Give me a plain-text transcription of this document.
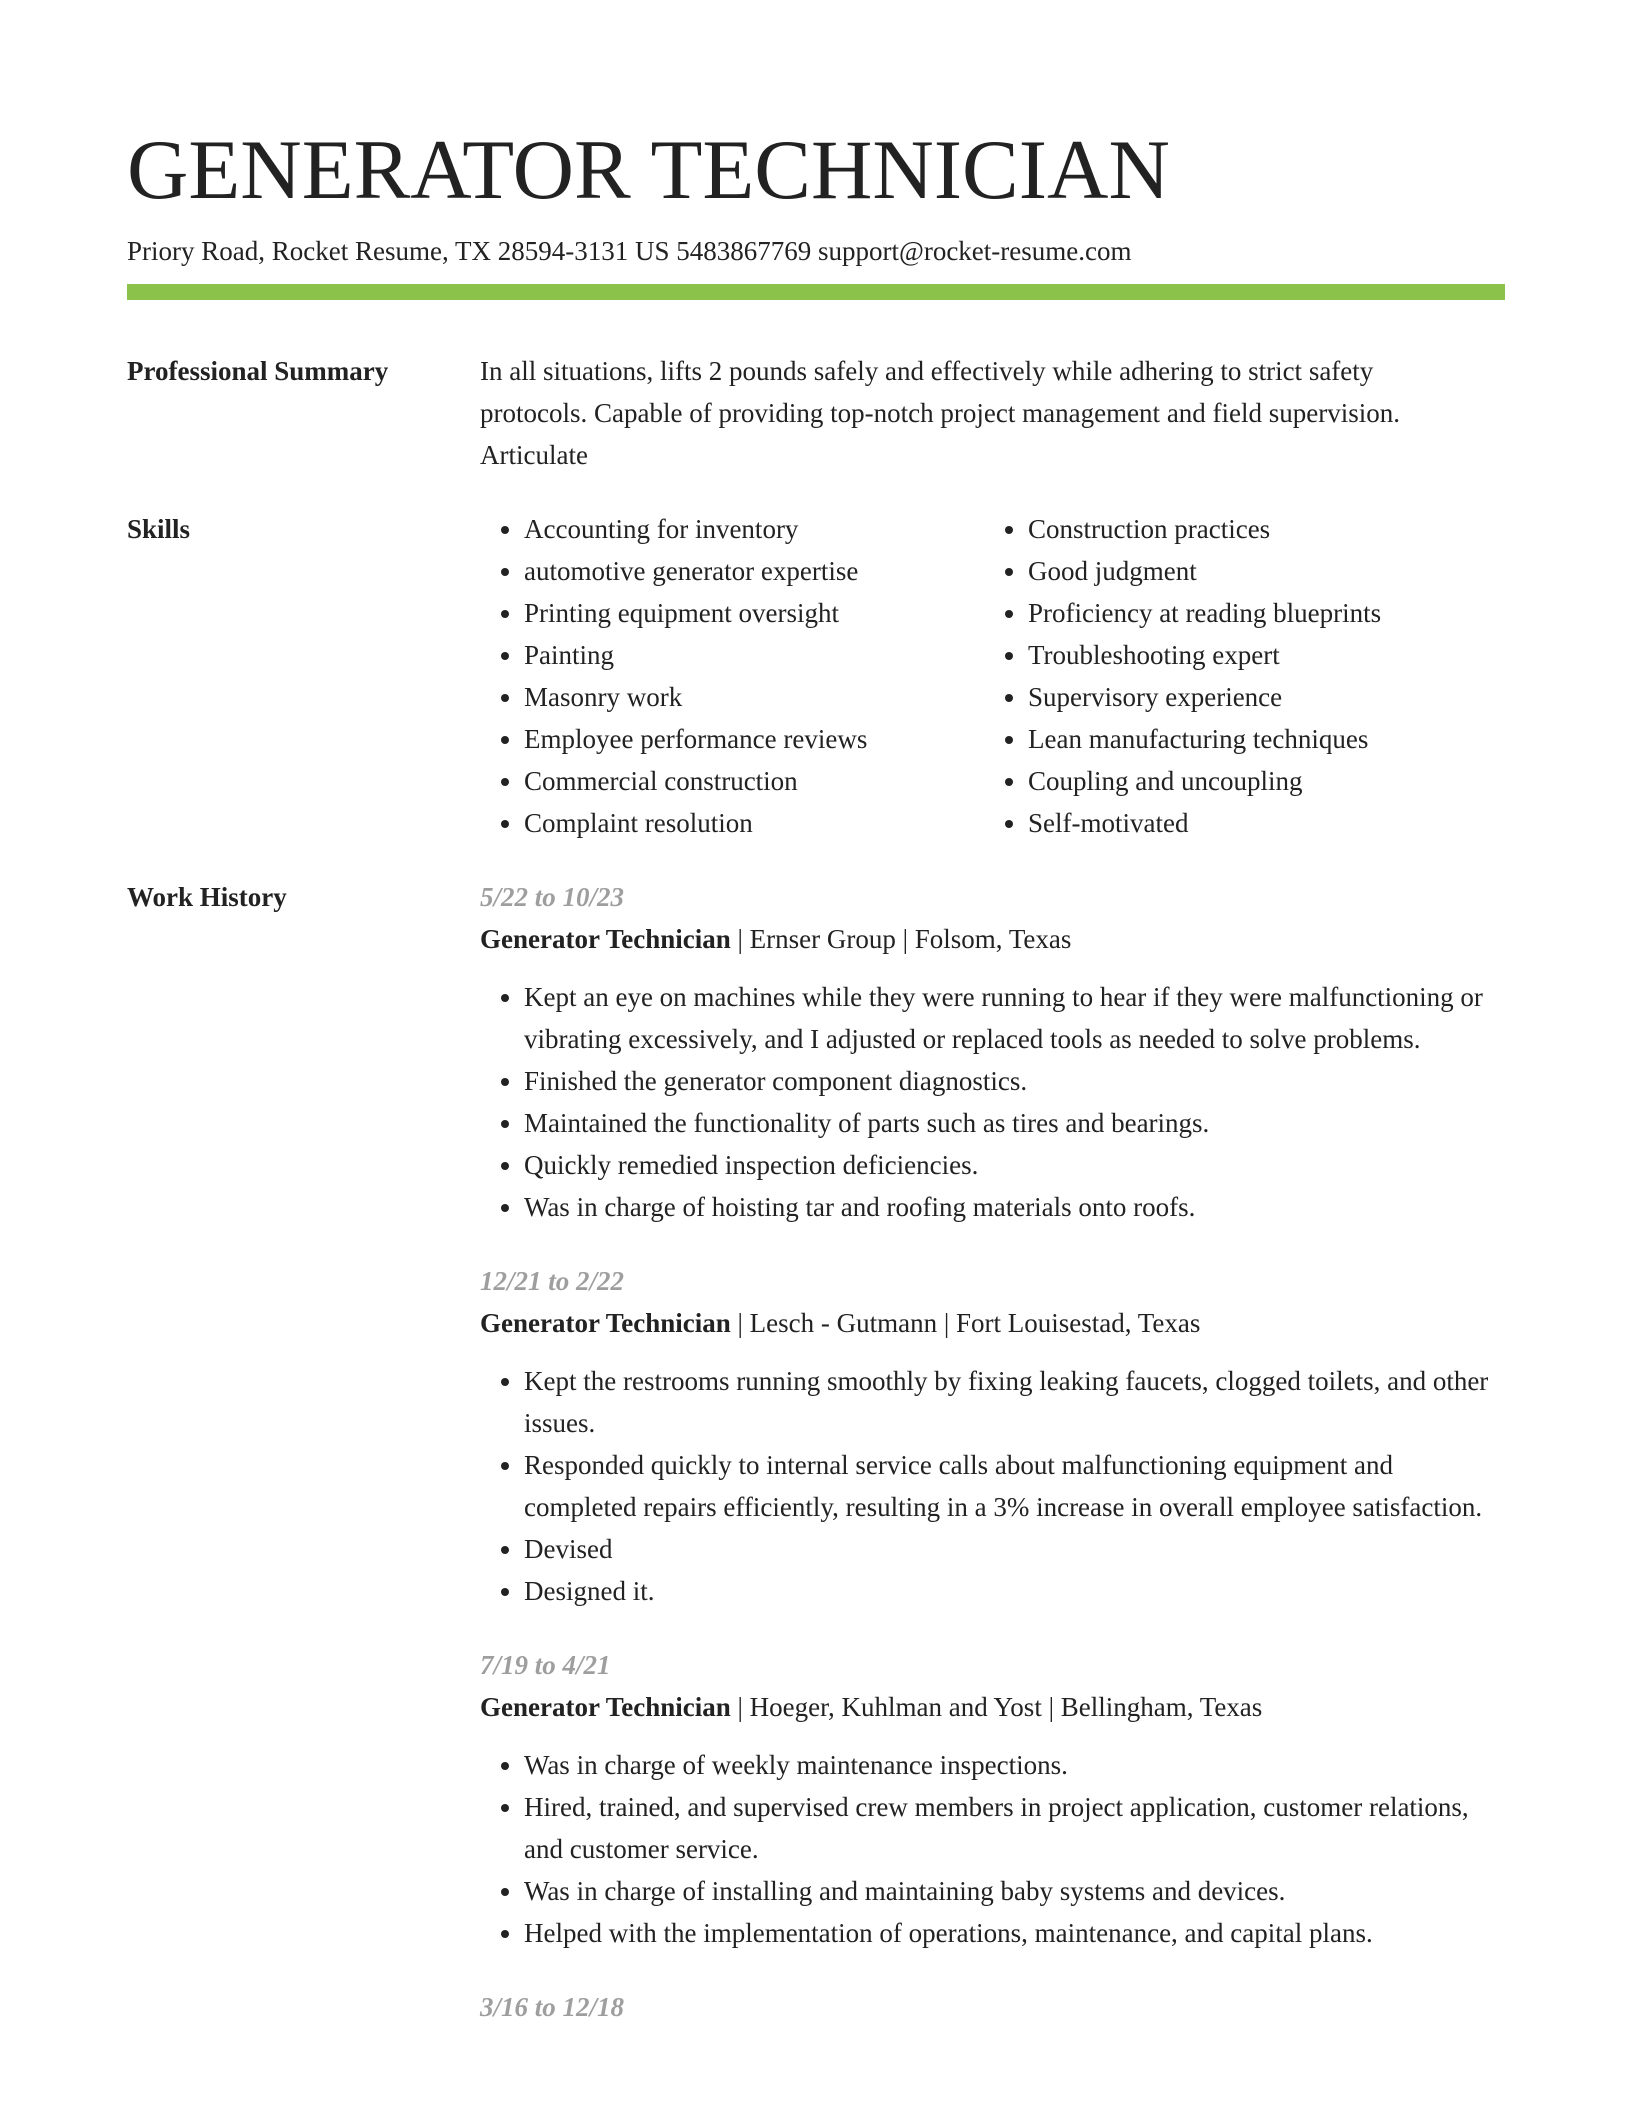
GENERATOR TECHNICIAN
Priory Road, Rocket Resume, TX 28594-3131 US 5483867769 support@rocket-resume.com
Professional Summary	In all situations, lifts 2 pounds safely and effectively while adhering to strict safety protocols. Capable of providing top-notch project management and field supervision. Articulate

Skills
•	Accounting for inventory
• automotive generator expertise
• Printing equipment oversight
• Painting
• Masonry work
• Employee performance reviews
• Commercial construction
• Complaint resolution
• Construction practices
• Good judgment
• Proficiency at reading blueprints
• Troubleshooting expert
• Supervisory experience
• Lean manufacturing techniques
• Coupling and uncoupling
• Self-motivated
Work History	5/22 to 10/23
Generator Technician | Ernser Group | Folsom, Texas
• Kept an eye on machines while they were running to hear if they were malfunctioning or vibrating excessively, and I adjusted or replaced tools as needed to solve problems.
• Finished the generator component diagnostics.
• Maintained the functionality of parts such as tires and bearings.
• Quickly remedied inspection deficiencies.
• Was in charge of hoisting tar and roofing materials onto roofs.
12/21 to 2/22
Generator Technician | Lesch - Gutmann | Fort Louisestad, Texas
• Kept the restrooms running smoothly by fixing leaking faucets, clogged toilets, and other issues.
• Responded quickly to internal service calls about malfunctioning equipment and completed repairs efficiently, resulting in a 3% increase in overall employee satisfaction.
• Devised
• Designed it.
7/19 to 4/21
Generator Technician | Hoeger, Kuhlman and Yost | Bellingham, Texas
• Was in charge of weekly maintenance inspections.
• Hired, trained, and supervised crew members in project application, customer relations, and customer service.
• Was in charge of installing and maintaining baby systems and devices.
• Helped with the implementation of operations, maintenance, and capital plans.
3/16 to 12/18
